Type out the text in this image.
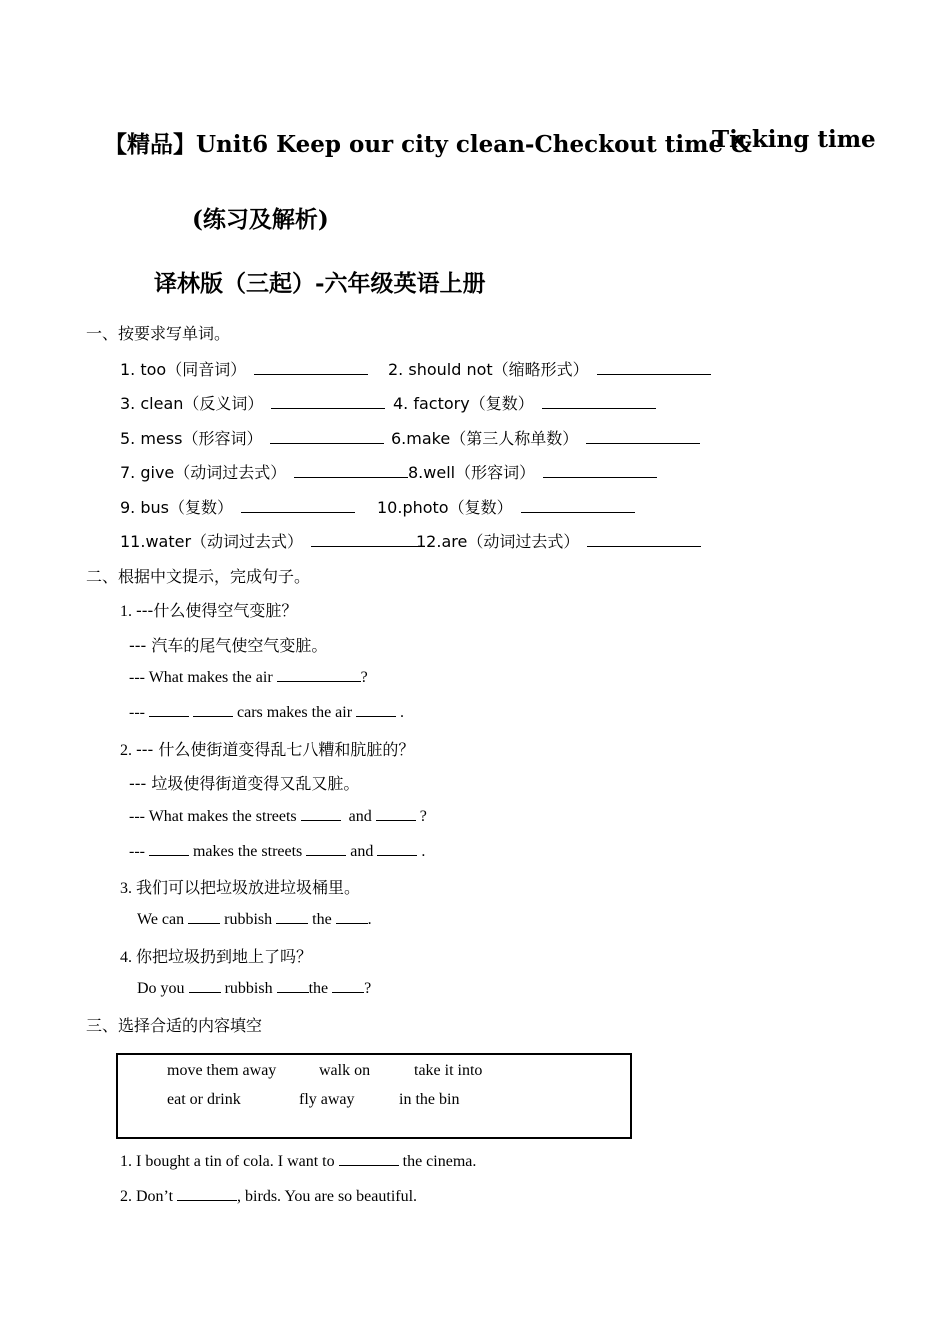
【精品】Unit6 Keep our city clean-Checkout time &
Ticking time
(练习及解析)
译林版（三起）-六年级英语上册
一、按要求写单词。
1. too（同音词）	2. should not（缩略形式）
3. clean（反义词）	4. factory（复数）
5. mess（形容词）	6.make（第三人称单数）
7. give（动词过去式）	8.well（形容词）
9. bus（复数）	10.photo（复数）
11.water（动词过去式）	12.are（动词过去式）
二、根据中文提示，完成句子。
1. ---什么使得空气变脏？
--- 汽车的尾气使空气变脏。
--- What makes the air	?
---	cars makes the air	.
2. --- 什么使街道变得乱七八糟和肮脏的？
--- 垃圾使得街道变得又乱又脏。
--- What makes the streets	and	?
---	makes the streets	and	.
3. 我们可以把垃圾放进垃圾桶里。
We can	rubbish	the .
4. 你把垃圾扔到地上了吗？
Do you	rubbish the ?
三、选择合适的内容填空
move them away	walk on	take it into
eat or drink	fly away	in the bin
1. I bought a tin of cola. I want to	the cinema.
2. Don’t	, birds. You are so beautiful.
